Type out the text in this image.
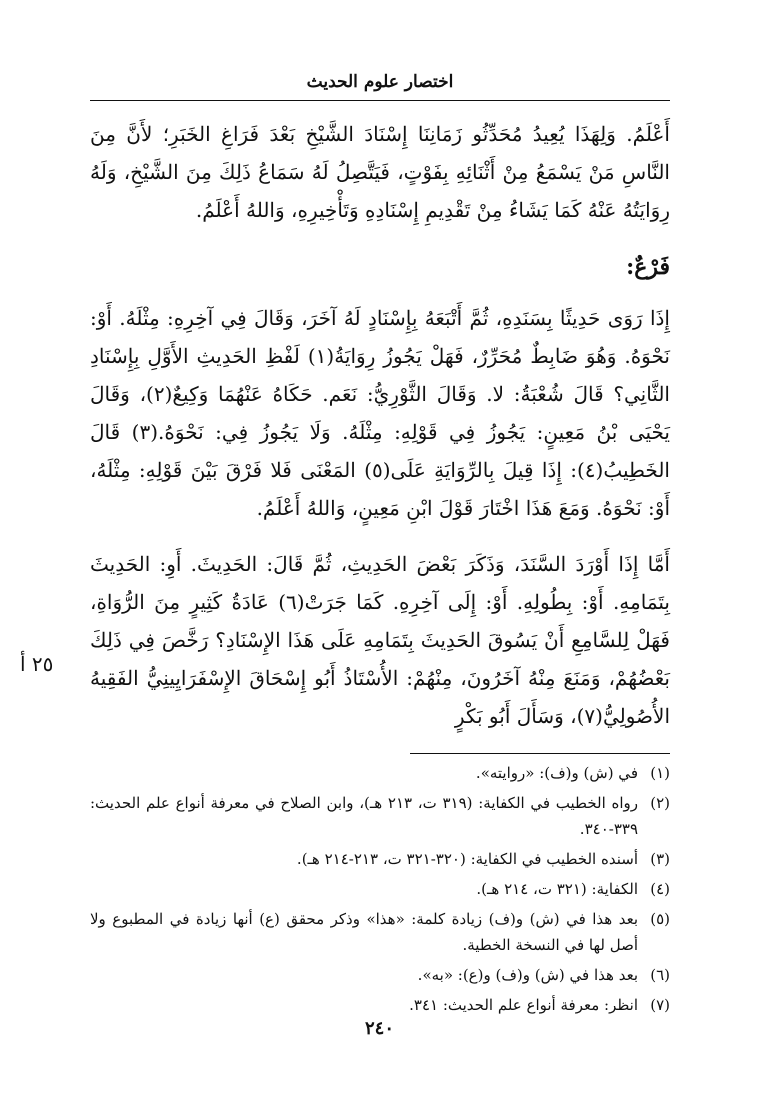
اختصار علوم الحديث

أَعْلَمُ. وَلِهَذَا يُعِيدُ مُحَدِّثُو زَمَانِنَا إِسْنَادَ الشَّيْخِ بَعْدَ فَرَاغِ الخَبَرِ؛ لأَنَّ مِنَ النَّاسِ مَنْ يَسْمَعُ مِنْ أَثْنَائِهِ بِفَوْتٍ، فَيَتَّصِلُ لَهُ سَمَاعُ ذَلِكَ مِنَ الشَّيْخِ، وَلَهُ رِوَايَتُهُ عَنْهُ كَمَا يَشَاءُ مِنْ تَقْدِيمِ إِسْنَادِهِ وَتَأْخِيرِهِ، وَاللهُ أَعْلَمُ.

فَرْعٌ:

إِذَا رَوَى حَدِيثًا بِسَنَدِهِ، ثُمَّ أَتْبَعَهُ بِإِسْنَادٍ لَهُ آخَرَ، وَقَالَ فِي آخِرِهِ: مِثْلَهُ. أَوْ: نَحْوَهُ. وَهُوَ ضَابِطٌ مُحَرِّرٌ، فَهَلْ يَجُوزُ رِوَايَةُ(١) لَفْظِ الحَدِيثِ الأَوَّلِ بِإِسْنَادِ الثَّانِي؟ قَالَ شُعْبَةُ: لا. وَقَالَ الثَّوْرِيُّ: نَعَم. حَكَاهُ عَنْهُمَا وَكِيعٌ(٢)، وَقَالَ يَحْيَى بْنُ مَعِينٍ: يَجُوزُ فِي قَوْلِهِ: مِثْلَهُ. وَلَا يَجُوزُ فِي: نَحْوَهُ.(٣) قَالَ الخَطِيبُ(٤): إِذَا قِيلَ بِالرِّوَايَةِ عَلَى(٥) المَعْنَى فَلا فَرْقَ بَيْنَ قَوْلِهِ: مِثْلَهُ، أَوْ: نَحْوَهُ. وَمَعَ هَذَا اخْتَارَ قَوْلَ ابْنِ مَعِينٍ، وَاللهُ أَعْلَمُ.

أَمَّا إِذَا أَوْرَدَ السَّنَدَ، وَذَكَرَ بَعْضَ الحَدِيثِ، ثُمَّ قَالَ: الحَدِيثَ. أَوِ: الحَدِيثَ بِتَمَامِهِ. أَوْ: بِطُولِهِ. أَوْ: إِلَى آخِرِهِ. كَمَا جَرَتْ(٦) عَادَةُ كَثِيرٍ مِنَ الرُّوَاةِ، فَهَلْ لِلسَّامِعِ أَنْ يَسُوقَ الحَدِيثَ بِتَمَامِهِ عَلَى هَذَا الإِسْنَادِ؟ رَخَّصَ فِي ذَلِكَ بَعْضُهُمْ، وَمَنَعَ مِنْهُ آخَرُونَ، مِنْهُمْ: الأُسْتَاذُ أَبُو إِسْحَاقَ الإِسْفَرَايِينِيُّ الفَقِيهُ الأُصُولِيُّ(٧)، وَسَأَلَ أَبُو بَكْرٍ

(١)
في (ش) و(ف): «روايته».
(٢)
رواه الخطيب في الكفاية: (٣١٩ ت، ٢١٣ هـ)، وابن الصلاح في معرفة أنواع علم الحديث: ٣٣٩-٣٤٠.
(٣)
أسنده الخطيب في الكفاية: (٣٢٠-٣٢١ ت، ٢١٣-٢١٤ هـ).
(٤)
الكفاية: (٣٢١ ت، ٢١٤ هـ).
(٥)
بعد هذا في (ش) و(ف) زيادة كلمة: «هذا» وذكر محقق (ع) أنها زيادة في المطبوع ولا أصل لها في النسخة الخطية.
(٦)
بعد هذا في (ش) و(ف) و(ع): «به».
(٧)
انظر: معرفة أنواع علم الحديث: ٣٤١.
٢٥ أ
٢٤٠
